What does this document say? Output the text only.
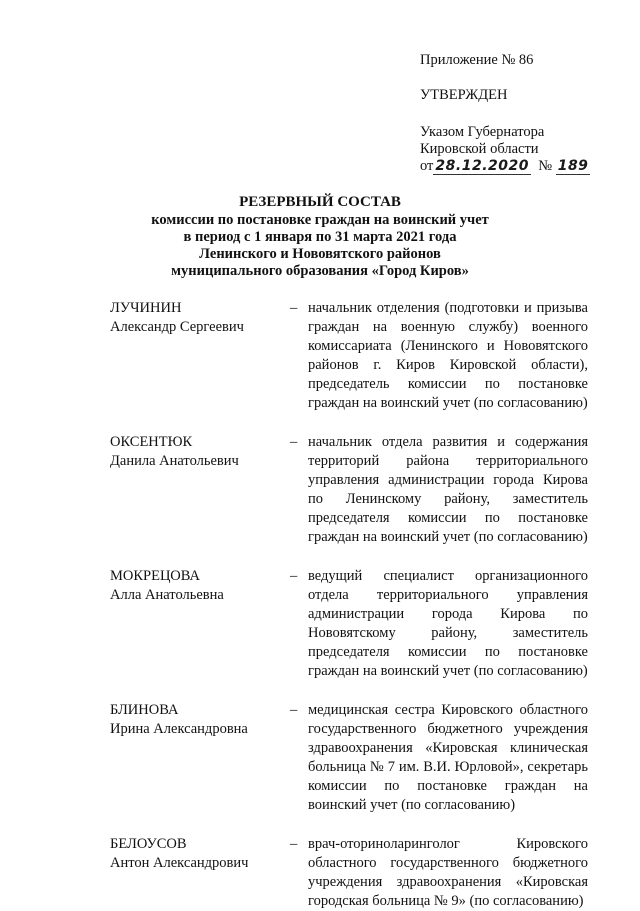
Приложение № 86
УТВЕРЖДЕН
Указом Губернатора
Кировской области
от 28.12.2020 № 189
РЕЗЕРВНЫЙ СОСТАВ
комиссии по постановке граждан на воинский учет
в период с 1 января по 31 марта 2021 года
Ленинского и Нововятского районов
муниципального образования «Город Киров»
ЛУЧИНИН
Александр Сергеевич
– начальник отделения (подготовки и призыва граждан на военную службу) военного комиссариата (Ленинского и Нововятского районов г. Киров Кировской области), председатель комиссии по постановке граждан на воинский учет (по согласованию)
ОКСЕНТЮК
Данила Анатольевич
– начальник отдела развития и содержания территорий района территориального управления администрации города Кирова по Ленинскому району, заместитель председателя комиссии по постановке граждан на воинский учет (по согласованию)
МОКРЕЦОВА
Алла Анатольевна
– ведущий специалист организационного отдела территориального управления администрации города Кирова по Нововятскому району, заместитель председателя комиссии по постановке граждан на воинский учет (по согласованию)
БЛИНОВА
Ирина Александровна
– медицинская сестра Кировского областного государственного бюджетного учреждения здравоохранения «Кировская клиническая больница № 7 им. В.И. Юрловой», секретарь комиссии по постановке граждан на воинский учет (по согласованию)
БЕЛОУСОВ
Антон Александрович
– врач-оториноларинголог Кировского областного государственного бюджетного учреждения здравоохранения «Кировская городская больница № 9» (по согласованию)
